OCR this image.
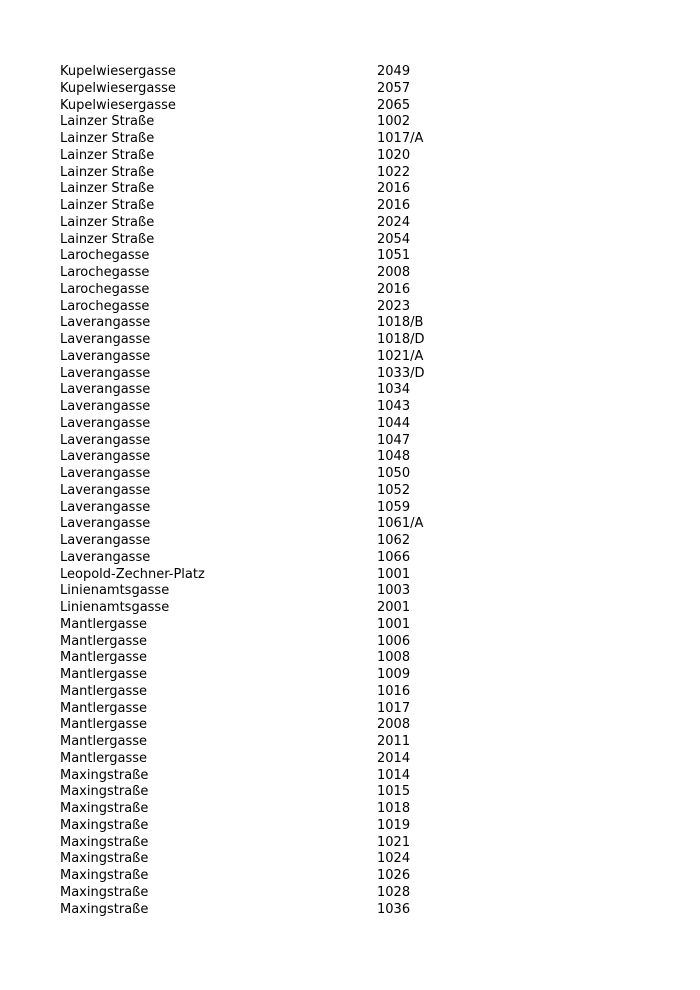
Kupelwiesergasse	2049
Kupelwiesergasse	2057
Kupelwiesergasse	2065
Lainzer Straße	1002
Lainzer Straße	1017/A
Lainzer Straße	1020
Lainzer Straße	1022
Lainzer Straße	2016
Lainzer Straße	2016
Lainzer Straße	2024
Lainzer Straße	2054
Larochegasse	1051
Larochegasse	2008
Larochegasse	2016
Larochegasse	2023
Laverangasse	1018/B
Laverangasse	1018/D
Laverangasse	1021/A
Laverangasse	1033/D
Laverangasse	1034
Laverangasse	1043
Laverangasse	1044
Laverangasse	1047
Laverangasse	1048
Laverangasse	1050
Laverangasse	1052
Laverangasse	1059
Laverangasse	1061/A
Laverangasse	1062
Laverangasse	1066
Leopold-Zechner-Platz	1001
Linienamtsgasse	1003
Linienamtsgasse	2001
Mantlergasse	1001
Mantlergasse	1006
Mantlergasse	1008
Mantlergasse	1009
Mantlergasse	1016
Mantlergasse	1017
Mantlergasse	2008
Mantlergasse	2011
Mantlergasse	2014
Maxingstraße	1014
Maxingstraße	1015
Maxingstraße	1018
Maxingstraße	1019
Maxingstraße	1021
Maxingstraße	1024
Maxingstraße	1026
Maxingstraße	1028
Maxingstraße	1036
